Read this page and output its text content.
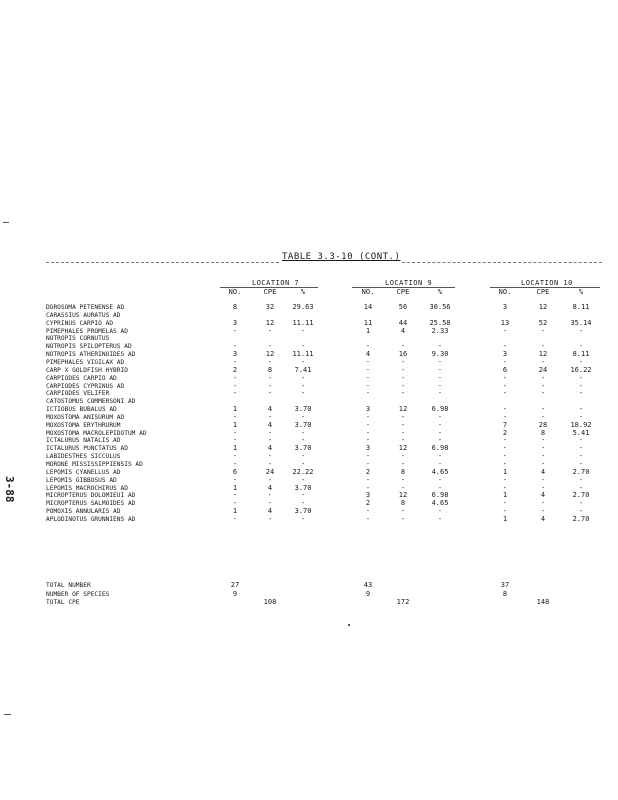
3-88
TABLE 3.3-10 (CONT.)
LOCATION 7
NO.	CPE	%
LOCATION 9
NO.	CPE	%
LOCATION 10
NO.	CPE	%
DOROSOMA PETENENSE AD	8	32	29.63	14	56	30.56	3	12	8.11
CARASSIUS AURATUS AD
CYPRINUS CARPIO AD	3	12	11.11	11	44	25.58	13	52	35.14
PIMEPHALES PROMELAS AD	-	-	-	1	4	2.33	-	-	-
NOTROPIS CORNUTUS
NOTROPIS SPILOPTERUS AD	-	-	-	-	-	-	-	-	-
NOTROPIS ATHERINOIDES AD	3	12	11.11	4	16	9.30	3	12	8.11
PIMEPHALES VIGILAX AD	-	-	-	-	-	-	-	-	-
CARP X GOLDFISH HYBRID	2	8	7.41	-	-	-	6	24	16.22
CARPIODES CARPIO AD	-	-	-	-	-	-	-	-	-
CARPIODES CYPRINUS AD	-	-	-	-	-	-	-	-	-
CARPIODES VELIFER	-	-	-	-	-	-	-	-	-
CATOSTOMUS COMMERSONI AD
ICTIOBUS BUBALUS AD	1	4	3.70	3	12	6.98	-	-	-
MOXOSTOMA ANISURUM AD	-	-	-	-	-	-	-	-	-
MOXOSTOMA ERYTHRURUM	1	4	3.70	-	-	-	7	28	18.92
MOXOSTOMA MACROLEPIDOTUM AD	-	-	-	-	-	-	2	8	5.41
ICTALURUS NATALIS AD	-	-	-	-	-	-	-	-	-
ICTALURUS PUNCTATUS AD	1	4	3.70	3	12	6.98	-	-	-
LABIDESTHES SICCULUS	-	-	-	-	-	-	-	-	-
MORONE MISSISSIPPIENSIS AD	-	-	-	-	-	-	-	-	-
LEPOMIS CYANELLUS AD	6	24	22.22	2	8	4.65	1	4	2.70
LEPOMIS GIBBOSUS AD	-	-	-	-	-	-	-	-	-
LEPOMIS MACROCHIRUS AD	1	4	3.70	-	-	-	-	-	-
MICROPTERUS DOLOMIEUI AD	-	-	-	3	12	6.98	1	4	2.70
MICROPTERUS SALMOIDES AD	-	-	-	2	8	4.65	-	-	-
POMOXIS ANNULARIS AD	1	4	3.70	-	-	-	-	-	-
APLODINOTUS GRUNNIENS AD	-	-	-	-	-	-	1	4	2.70
TOTAL NUMBER	27	43	37
NUMBER OF SPECIES	9	9	8
TOTAL CPE	108	172	148
